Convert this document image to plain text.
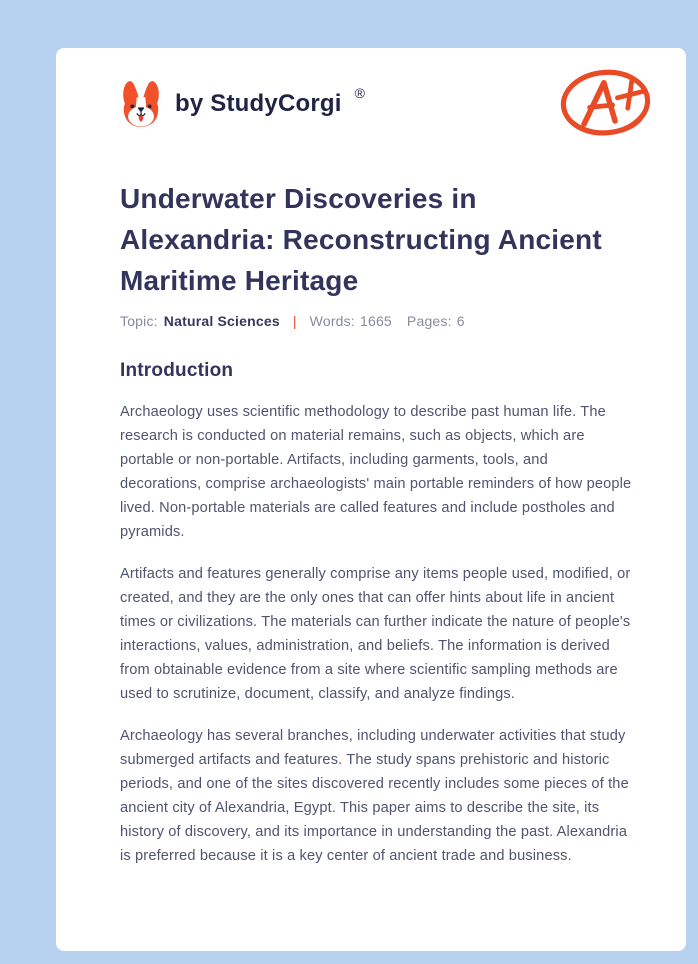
by StudyCorgi ®
Underwater Discoveries in
Alexandria: Reconstructing Ancient
Maritime Heritage
Topic: Natural Sciences | Words: 1665 Pages: 6
Introduction

Archaeology uses scientific methodology to describe past human life. The research is conducted on material remains, such as objects, which are portable or non-portable. Artifacts, including garments, tools, and decorations, comprise archaeologists' main portable reminders of how people lived. Non-portable materials are called features and include postholes and pyramids.

Artifacts and features generally comprise any items people used, modified, or created, and they are the only ones that can offer hints about life in ancient times or civilizations. The materials can further indicate the nature of people's interactions, values, administration, and beliefs. The information is derived from obtainable evidence from a site where scientific sampling methods are used to scrutinize, document, classify, and analyze findings.

Archaeology has several branches, including underwater activities that study submerged artifacts and features. The study spans prehistoric and historic periods, and one of the sites discovered recently includes some pieces of the ancient city of Alexandria, Egypt. This paper aims to describe the site, its history of discovery, and its importance in understanding the past. Alexandria is preferred because it is a key center of ancient trade and business.
